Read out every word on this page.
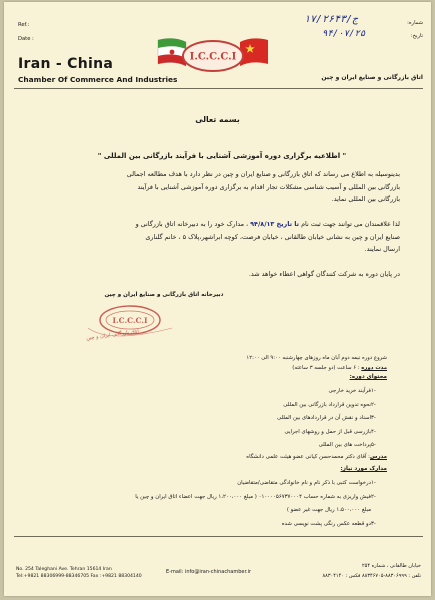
Ref.:
Date :
شماره:
تاریخ:
۱۷/ج/۲۶۴۳
۹۴/۰۷/۲۵
I.C.C.C.I
Iran - China
Chamber Of Commerce And Industries	اتاق بازرگانی و صنایع ایران و چین
بسمه تعالی
" اطلاعیه برگزاری دوره آموزشی آشنایی با فرآیند بازرگانی بین المللی "
بدینوسیله به اطلاع می رساند که اتاق بازرگانی و صنایع ایران و چین در نظر دارد با هدف مطالعه اجمالی
بازرگانی بین المللی و آسیب شناسی مشکلات تجار اقدام به برگزاری دوره آموزشی آشنایی با فرآیند
بازرگانی بین المللی نماید.
لذا علاقمندان می توانند جهت ثبت نام تا تاریخ ۹۴/۸/۱۳ ، مدارک خود را به دبیرخانه اتاق بازرگانی و
صنایع ایران و چین به نشانی خیابان طالقانی ، خیابان فرصت، کوچه ابراشهر،پلاک ۵ ، خانم گلناری
ارسال نمایند.
در پایان دوره به شرکت کنندگان گواهی اعطاء خواهد شد.
دبیرخانه اتاق بازرگانی و صنایع ایران و چین
I.C.C.C.I
اتاق بازرگانی ایران و چین
شروع دوره نیمه دوم آبان ماه روزهای چهارشنبه ۹:۰۰ الی ۱۲:۰۰
مدت دوره : ۶ ساعت (دو جلسه ۳ ساعته)
محتوای دوره:
-۱فرآیند خرید خارجی
-۲نحوه تدوین قرارداد بازرگانی بین المللی
-۳اسناد و نقش آن در قراردادهای بین المللی
-۴بازرسی قبل از حمل و روشهای اجرایی
-۵پرداخت های بین المللی
مدرس: آقای دکتر محمدحسن کیانی عضو هیئت علمی دانشگاه
مدارک مورد نیاز:
-۱درخواست کتبی با ذکر نام و نام خانوادگی متقاضی/متقاضیان
-۲فیش واریزی به شماره حساب ۰۱۰۰۰۰۵۶۷۳۷۰۰۰۴ ( مبلغ ۱،۲۰۰،۰۰۰ ریال جهت اعضاء اتاق ایران و چین یا
مبلغ ۱،۵۰۰،۰۰۰ ریال جهت غیر عضو )
-۳دو قطعه عکس رنگی پشت نویسی شده
No. 254 Taleghani Ave. Tehran 15614 Iran
Tel:+9821 88306999-88346705 Fax :+9821 88304140
E-mail: info@iran-chinachamber.ir
خیابان طالقانی ، شماره ۲۵۴
تلفن : ۸۸۳۰۶۹۹۹-۸۸۳۴۶۷۰۵ فکس : ۸۸۳۰۴۱۴۰
